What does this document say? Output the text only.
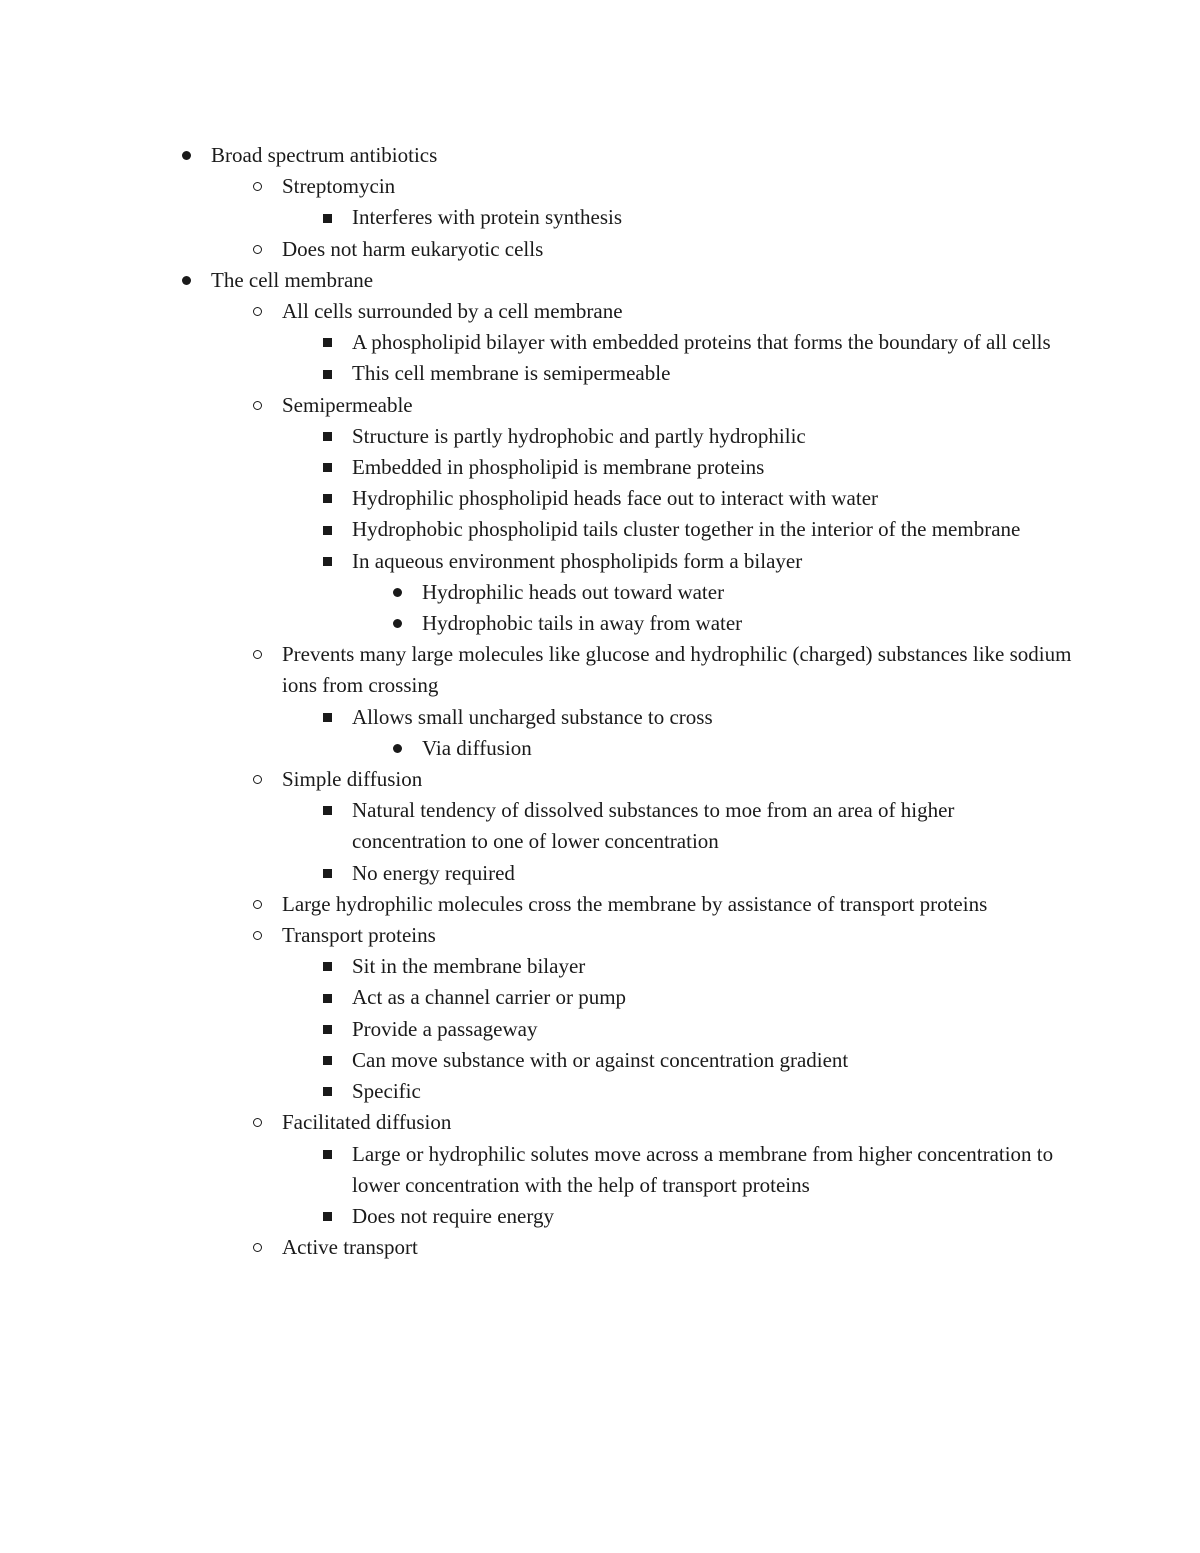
Broad spectrum antibiotics
Streptomycin
Interferes with protein synthesis
Does not harm eukaryotic cells
The cell membrane
All cells surrounded by a cell membrane
A phospholipid bilayer with embedded proteins that forms the boundary of all cells
This cell membrane is semipermeable
Semipermeable
Structure is partly hydrophobic and partly hydrophilic
Embedded in phospholipid is membrane proteins
Hydrophilic phospholipid heads face out to interact with water
Hydrophobic phospholipid tails cluster together in the interior of the membrane
In aqueous environment phospholipids form a bilayer
Hydrophilic heads out toward water
Hydrophobic tails in away from water
Prevents many large molecules like glucose and hydrophilic (charged) substances like sodium ions from crossing
Allows small uncharged substance to cross
Via diffusion
Simple diffusion
Natural tendency of dissolved substances to moe from an area of higher concentration to one of lower concentration
No energy required
Large hydrophilic molecules cross the membrane by assistance of transport proteins
Transport proteins
Sit in the membrane bilayer
Act as a channel carrier or pump
Provide a passageway
Can move substance with or against concentration gradient
Specific
Facilitated diffusion
Large or hydrophilic solutes move across a membrane from higher concentration to lower concentration with the help of transport proteins
Does not require energy
Active transport
